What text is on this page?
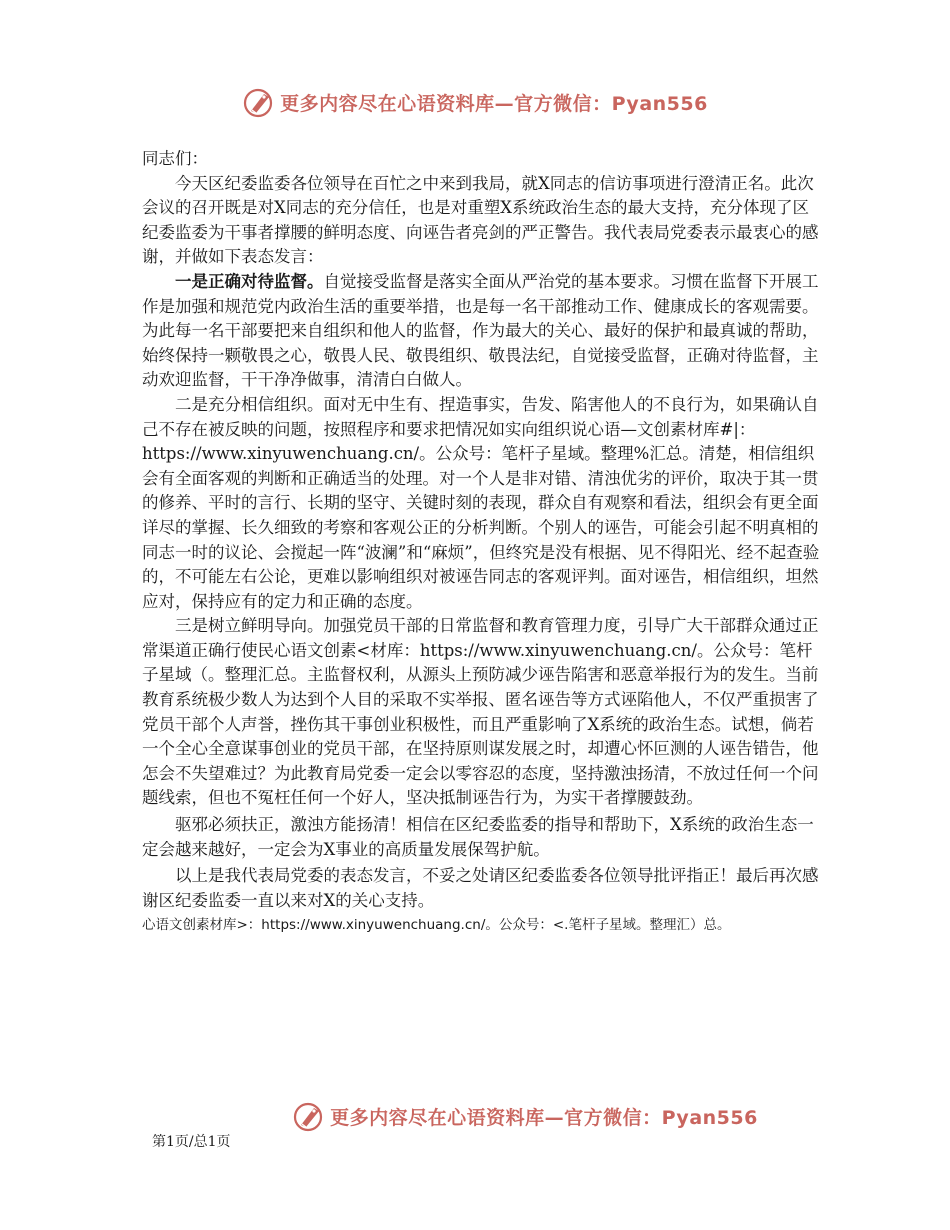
更多内容尽在心语资料库—官方微信：Pyan556

同志们：

今天区纪委监委各位领导在百忙之中来到我局，就Ⅹ同志的信访事项进行澄清正名。此次会议的召开既是对Ⅹ同志的充分信任，也是对重塑Ⅹ系统政治生态的最大支持，充分体现了区纪委监委为干事者撑腰的鲜明态度、向诬告者亮剑的严正警告。我代表局党委表示最衷心的感谢，并做如下表态发言：

一是正确对待监督。自觉接受监督是落实全面从严治党的基本要求。习惯在监督下开展工作是加强和规范党内政治生活的重要举措，也是每一名干部推动工作、健康成长的客观需要。为此每一名干部要把来自组织和他人的监督，作为最大的关心、最好的保护和最真诚的帮助，始终保持一颗敬畏之心，敬畏人民、敬畏组织、敬畏法纪，自觉接受监督，正确对待监督，主动欢迎监督，干干净净做事，清清白白做人。

二是充分相信组织。面对无中生有、捏造事实，告发、陷害他人的不良行为，如果确认自己不存在被反映的问题，按照程序和要求把情况如实向组织说心语—文创素材库#|：https://www.xinyuwenchuang.cn/。公众号：笔杆子星域。整理%汇总。清楚，相信组织会有全面客观的判断和正确适当的处理。对一个人是非对错、清浊优劣的评价，取决于其一贯的修养、平时的言行、长期的坚守、关键时刻的表现，群众自有观察和看法，组织会有更全面详尽的掌握、长久细致的考察和客观公正的分析判断。个别人的诬告，可能会引起不明真相的同志一时的议论、会搅起一阵“波澜”和“麻烦”，但终究是没有根据、见不得阳光、经不起查验的，不可能左右公论，更难以影响组织对被诬告同志的客观评判。面对诬告，相信组织，坦然应对，保持应有的定力和正确的态度。

三是树立鲜明导向。加强党员干部的日常监督和教育管理力度，引导广大干部群众通过正常渠道正确行使民心语文创素<材库：https://www.xinyuwenchuang.cn/。公众号：笔杆子星域（。整理汇总。主监督权利，从源头上预防减少诬告陷害和恶意举报行为的发生。当前教育系统极少数人为达到个人目的采取不实举报、匿名诬告等方式诬陷他人，不仅严重损害了党员干部个人声誉，挫伤其干事创业积极性，而且严重影响了Ⅹ系统的政治生态。试想，倘若一个全心全意谋事创业的党员干部，在坚持原则谋发展之时，却遭心怀叵测的人诬告错告，他怎会不失望难过？为此教育局党委一定会以零容忍的态度，坚持激浊扬清，不放过任何一个问题线索，但也不冤枉任何一个好人，坚决抵制诬告行为，为实干者撑腰鼓劲。

驱邪必须扶正，激浊方能扬清！相信在区纪委监委的指导和帮助下，Ⅹ系统的政治生态一定会越来越好，一定会为Ⅹ事业的高质量发展保驾护航。

以上是我代表局党委的表态发言，不妥之处请区纪委监委各位领导批评指正！最后再次感谢区纪委监委一直以来对Ⅹ的关心支持。

心语文创素材库>：https://www.xinyuwenchuang.cn/。公众号：<.笔杆子星域。整理汇）总。

更多内容尽在心语资料库—官方微信：Pyan556
第1页/总1页
